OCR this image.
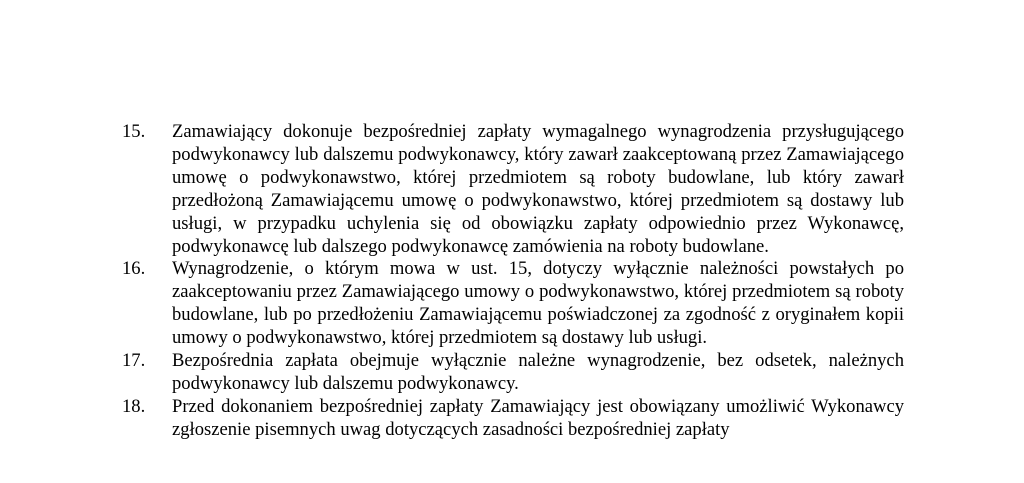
15.	Zamawiający dokonuje bezpośredniej zapłaty wymagalnego wynagrodzenia przysługującego podwykonawcy lub dalszemu podwykonawcy, który zawarł zaakceptowaną przez Zamawiającego umowę o podwykonawstwo, której przedmiotem są roboty budowlane, lub który zawarł przedłożoną Zamawiającemu umowę o podwykonawstwo, której przedmiotem są dostawy lub usługi, w przypadku uchylenia się od obowiązku zapłaty odpowiednio przez Wykonawcę, podwykonawcę lub dalszego podwykonawcę zamówienia na roboty budowlane.

16.	Wynagrodzenie, o którym mowa w ust. 15, dotyczy wyłącznie należności powstałych po zaakceptowaniu przez Zamawiającego umowy o podwykonawstwo, której przedmiotem są roboty budowlane, lub po przedłożeniu Zamawiającemu poświadczonej za zgodność z oryginałem kopii umowy o podwykonawstwo, której przedmiotem są dostawy lub usługi.

17.	Bezpośrednia zapłata obejmuje wyłącznie należne wynagrodzenie, bez odsetek, należnych podwykonawcy lub dalszemu podwykonawcy.

18.	Przed dokonaniem bezpośredniej zapłaty Zamawiający jest obowiązany umożliwić Wykonawcy zgłoszenie pisemnych uwag dotyczących zasadności bezpośredniej zapłaty
